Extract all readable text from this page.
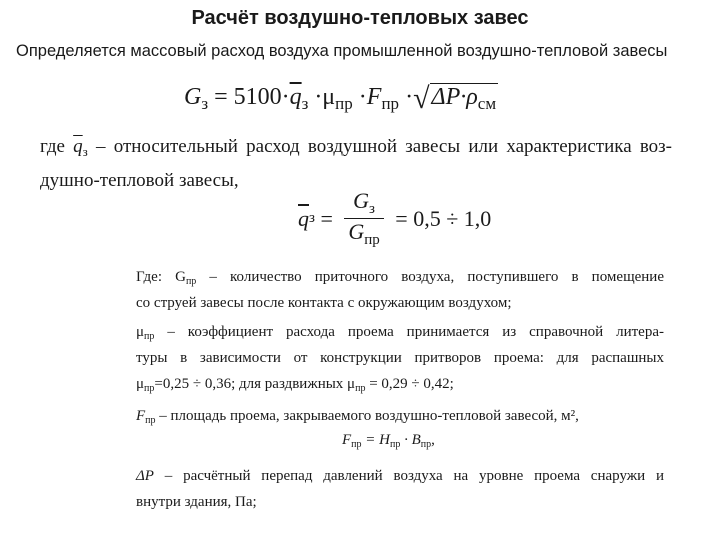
Расчёт воздушно-тепловых завес
Определяется массовый расход воздуха промышленной воздушно-тепловой завесы
$G_з = 5100\cdot\overline{q}_з \cdot\mu_{пр} \cdot F_{пр} \cdot√\Delta P\cdot\rho_{см}$
где $\overline{q}_з$ – относительный расход воздушной завесы или характеристика воз-
душно-тепловой завесы,
$\overline{q}$ $з = \frac{G_з}{G_{пр}} = 0,5 \div 1,0$
Где: $G_{пр}$ – количество приточного воздуха, поступившего в помещение
со струей завесы после контакта с окружающим воздухом;
$\mu_{пр}$ – коэффициент расхода проема принимается из справочной литера-
туры в зависимости от конструкции притворов проема: для распашных
$\mu_{пр}=0,25 \div 0,36$; для раздвижных $\mu_{пр} = 0,29 \div 0,42$;
$F_{пр}$ – площадь проема, закрываемого воздушно-тепловой завесой, м²,
$F_{пр} = H_{пр} \cdot B_{пр}$,
ΔP – расчётный перепад давлений воздуха на уровне проема снаружи и
внутри здания, Па;
